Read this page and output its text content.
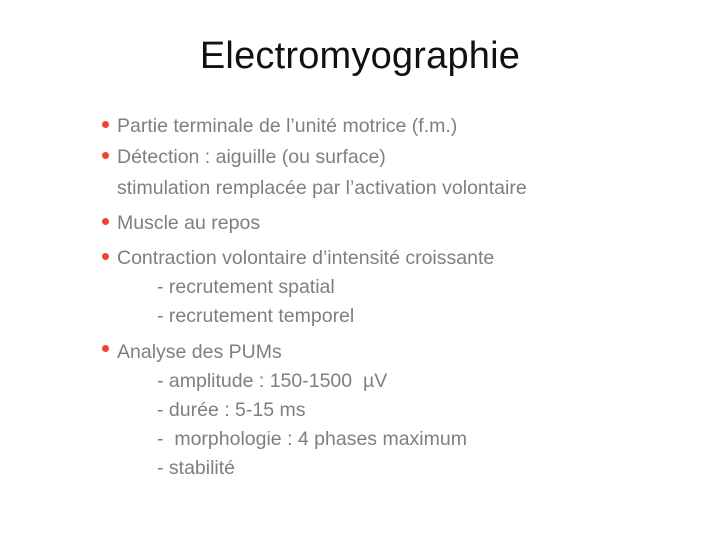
Electromyographie
Partie terminale de l’unité motrice (f.m.)
Détection : aiguille (ou surface)
stimulation remplacée par l’activation volontaire
Muscle au repos
Contraction volontaire d’intensité croissante
- recrutement spatial
- recrutement temporel
Analyse des PUMs
- amplitude : 150-1500  µV
- durée : 5-15 ms
-  morphologie : 4 phases maximum
- stabilité
